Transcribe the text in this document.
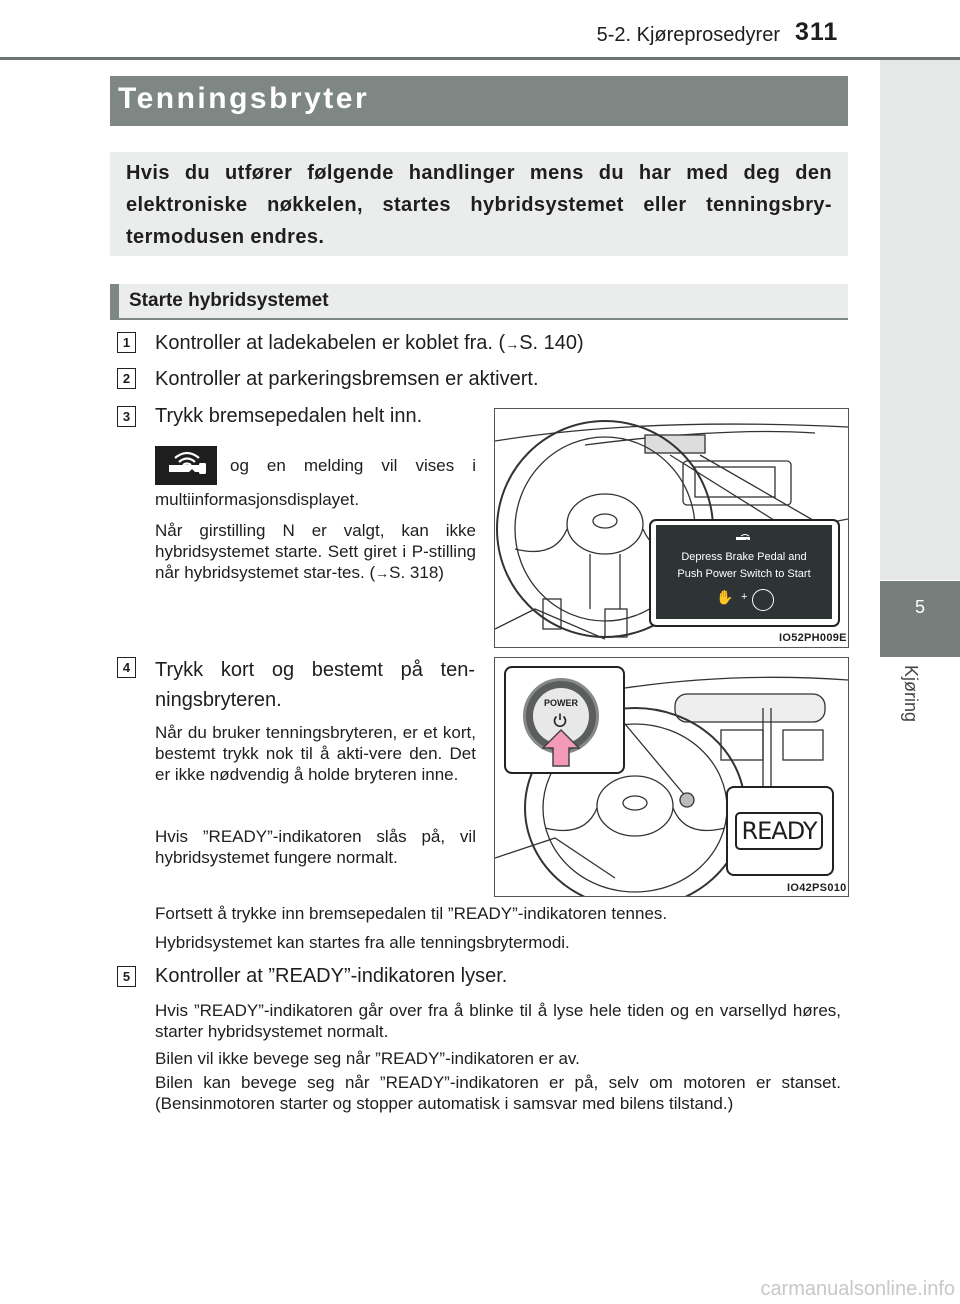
5-2. Kjøreprosedyrer 311
5
Kjøring
Tenningsbryter

Hvis du utfører følgende handlinger mens du har med deg den elektroniske nøkkelen, startes hybridsystemet eller tenningsbry-termodusen endres.

Starte hybridsystemet
1 Kontroller at ladekabelen er koblet fra. (→S. 140)
2 Kontroller at parkeringsbremsen er aktivert.
3 Trykk bremsepedalen helt inn.
og en melding vil vises i
multiinformasjonsdisplayet.
Når girstilling N er valgt, kan ikke hybridsystemet starte. Sett giret i P-stilling når hybridsystemet star-tes. (→S. 318)
Depress Brake Pedal and
Push Power Switch to Start
✋ +
IO52PH009E
4 Trykk kort og bestemt på ten-ningsbryteren.
Når du bruker tenningsbryteren, er et kort, bestemt trykk nok til å akti-vere den. Det er ikke nødvendig å holde bryteren inne.
Hvis ”READY”-indikatoren slås på, vil hybridsystemet fungere normalt.
POWER
READY
IO42PS010
Fortsett å trykke inn bremsepedalen til ”READY”-indikatoren tennes.
Hybridsystemet kan startes fra alle tenningsbrytermodi.
5 Kontroller at ”READY”-indikatoren lyser.
Hvis ”READY”-indikatoren går over fra å blinke til å lyse hele tiden og en varsellyd høres, starter hybridsystemet normalt.
Bilen vil ikke bevege seg når ”READY”-indikatoren er av.
Bilen kan bevege seg når ”READY”-indikatoren er på, selv om motoren er stanset. (Bensinmotoren starter og stopper automatisk i samsvar med bilens tilstand.)
carmanualsonline.info
